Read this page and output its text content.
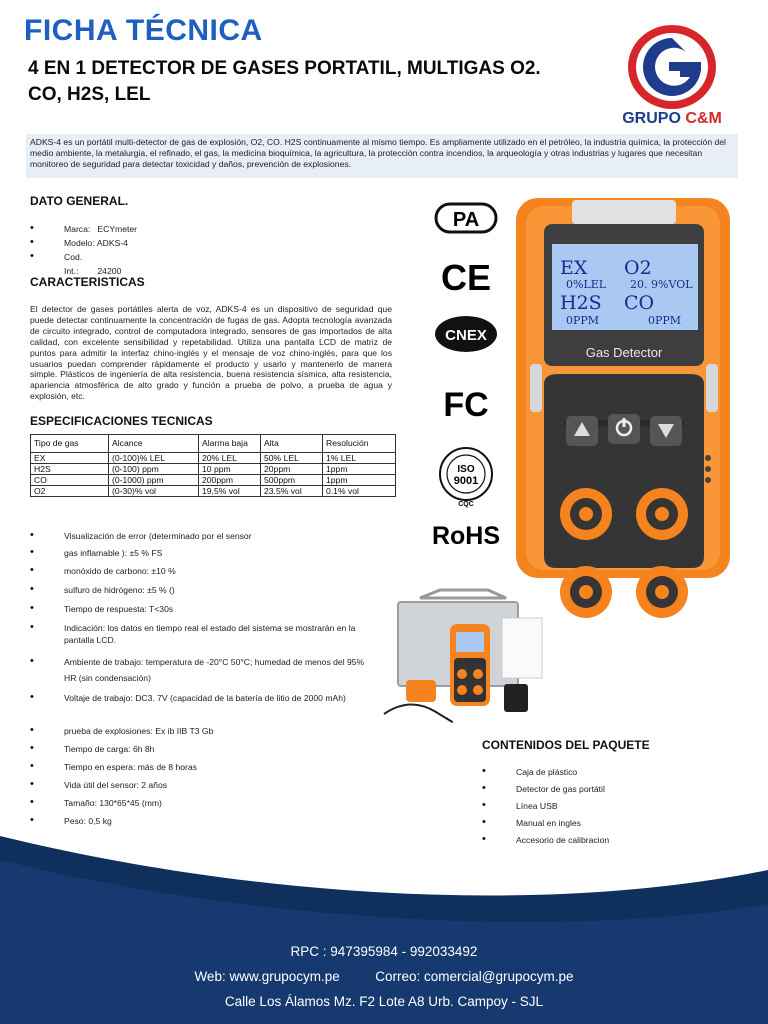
FICHA TÉCNICA
4 EN 1 DETECTOR DE GASES PORTATIL, MULTIGAS O2.
CO, H2S, LEL
GRUPO C&M
ADKS-4 es un portátil multi-detector de gas de explosión, O2, CO. H2S continuamente al mismo tiempo. Es ampliamente utilizado en el petróleo, la industria química, la protección del medio ambiente, la metalurgia, el refinado, el gas, la medicina bioquímica, la agricultura, la protección contra incendios, la arqueología y otras industrias y lugares que necesitan monitoreo de seguridad para detectar toxicidad y daños, prevención de explosiones.
DATO GENERAL.
• Marca: ECYmeter
• Modelo: ADKS-4
• Cod. Int.: 24200
CARACTERISTICAS
El detector de gases portátiles alerta de voz, ADKS-4 es un dispositivo de seguridad que puede detectar continuamente la concentración de fugas de gas. Adopta tecnología avanzada de circuito integrado, control de computadora integrado, sensores de gas importados de alta calidad, con excelente sensibilidad y repetabilidad. Utiliza una pantalla LCD de matriz de puntos para admitir la interfaz chino-inglés y el mensaje de voz chino-inglés, para que los usuarios puedan comprender rápidamente el producto y usarlo y mantenerlo de manera simple. Plásticos de ingeniería de alta resistencia, buena resistencia sísmica, alta resistencia, apariencia atmosférica de alto grado y función a prueba de polvo, a prueba de agua y explosión, etc.
ESPECIFICACIONES TECNICAS
Tipo de gas	Alcance	Alarma baja	Alta	Resolución
EX	(0-100)% LEL	20% LEL	50% LEL	1% LEL
H2S	(0-100) ppm	10 ppm	20ppm	1ppm
CO	(0-1000) ppm	200ppm	500ppm	1ppm
O2	(0-30)% vol	19,5% vol	23.5% vol	0.1% vol
• Visualización de error (determinado por el sensor
• gas inflamable ): ±5 % FS
• monóxido de carbono: ±10 %
• sulfuro de hidrógeno: ±5 % ()
• Tiempo de respuesta: T<30s
• Indicación: los datos en tiempo real el estado del sistema se mostrarán en la pantalla LCD.
• Ambiente de trabajo: temperatura de -20°C 50°C; humedad de menos del 95% HR (sin condensación)
• Voltaje de trabajo: DC3. 7V (capacidad de la batería de litio de 2000 mAh)
• prueba de explosiones: Ex ib IIB T3 Gb
• Tiempo de carga: 6h 8h
• Tiempo en espera: más de 8 horas
• Vida útil del sensor: 2 años
• Tamaño: 130*65*45 (mm)
• Peso: 0,5 kg
PA
CE
CNEX
FC
ISO
9001
CQC
RoHS
EX O2
0%LEL 20. 9%VOL
H2S CO
0PPM	0PPM
Gas Detector
CONTENIDOS DEL PAQUETE
• Caja de plástico
• Detector de gas portátil
• Línea USB
• Manual en ingles
• Accesorio de calibracion
RPC : 947395984 - 992033492
Web: www.grupocym.pe	Correo: comercial@grupocym.pe
Calle Los Álamos Mz. F2 Lote A8 Urb. Campoy - SJL
